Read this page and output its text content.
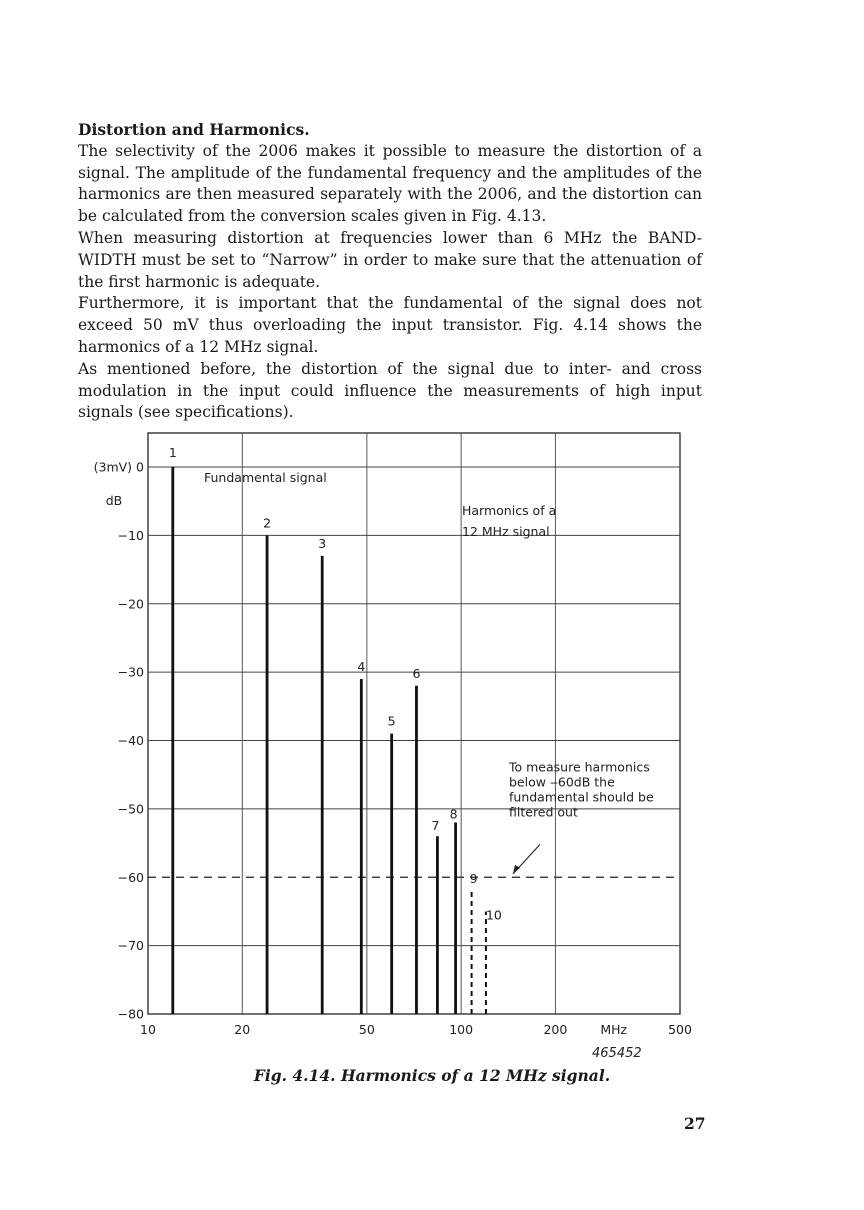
Distortion and Harmonics.

The selectivity of the 2006 makes it possible to measure the distortion of a signal. The amplitude of the fundamental frequency and the amplitudes of the harmonics are then measured separately with the 2006, and the distortion can be calculated from the conversion scales given in Fig. 4.13.

When measuring distortion at frequencies lower than 6 MHz the BAND-WIDTH must be set to “Narrow” in order to make sure that the attenuation of the first harmonic is adequate.

Furthermore, it is important that the fundamental of the signal does not exceed 50 mV thus overloading the input transistor. Fig. 4.14 shows the harmonics of a 12 MHz signal.

As mentioned before, the distortion of the signal due to inter- and cross modulation in the input could influence the measurements of high input signals (see specifications).

(3mV) 0
−10
−20
−30
−40
−50
−60
−70
−80
dB
10	20	50	100	200	500
MHz
1
2
3
4
5
6
7
8
9
10
Fundamental signal
Harmonics of a
12 MHz signal
To measure harmonics
below ‒60dB the
fundamental should be
filtered out
465452
Fig. 4.14. Harmonics of a 12 MHz signal.
27
